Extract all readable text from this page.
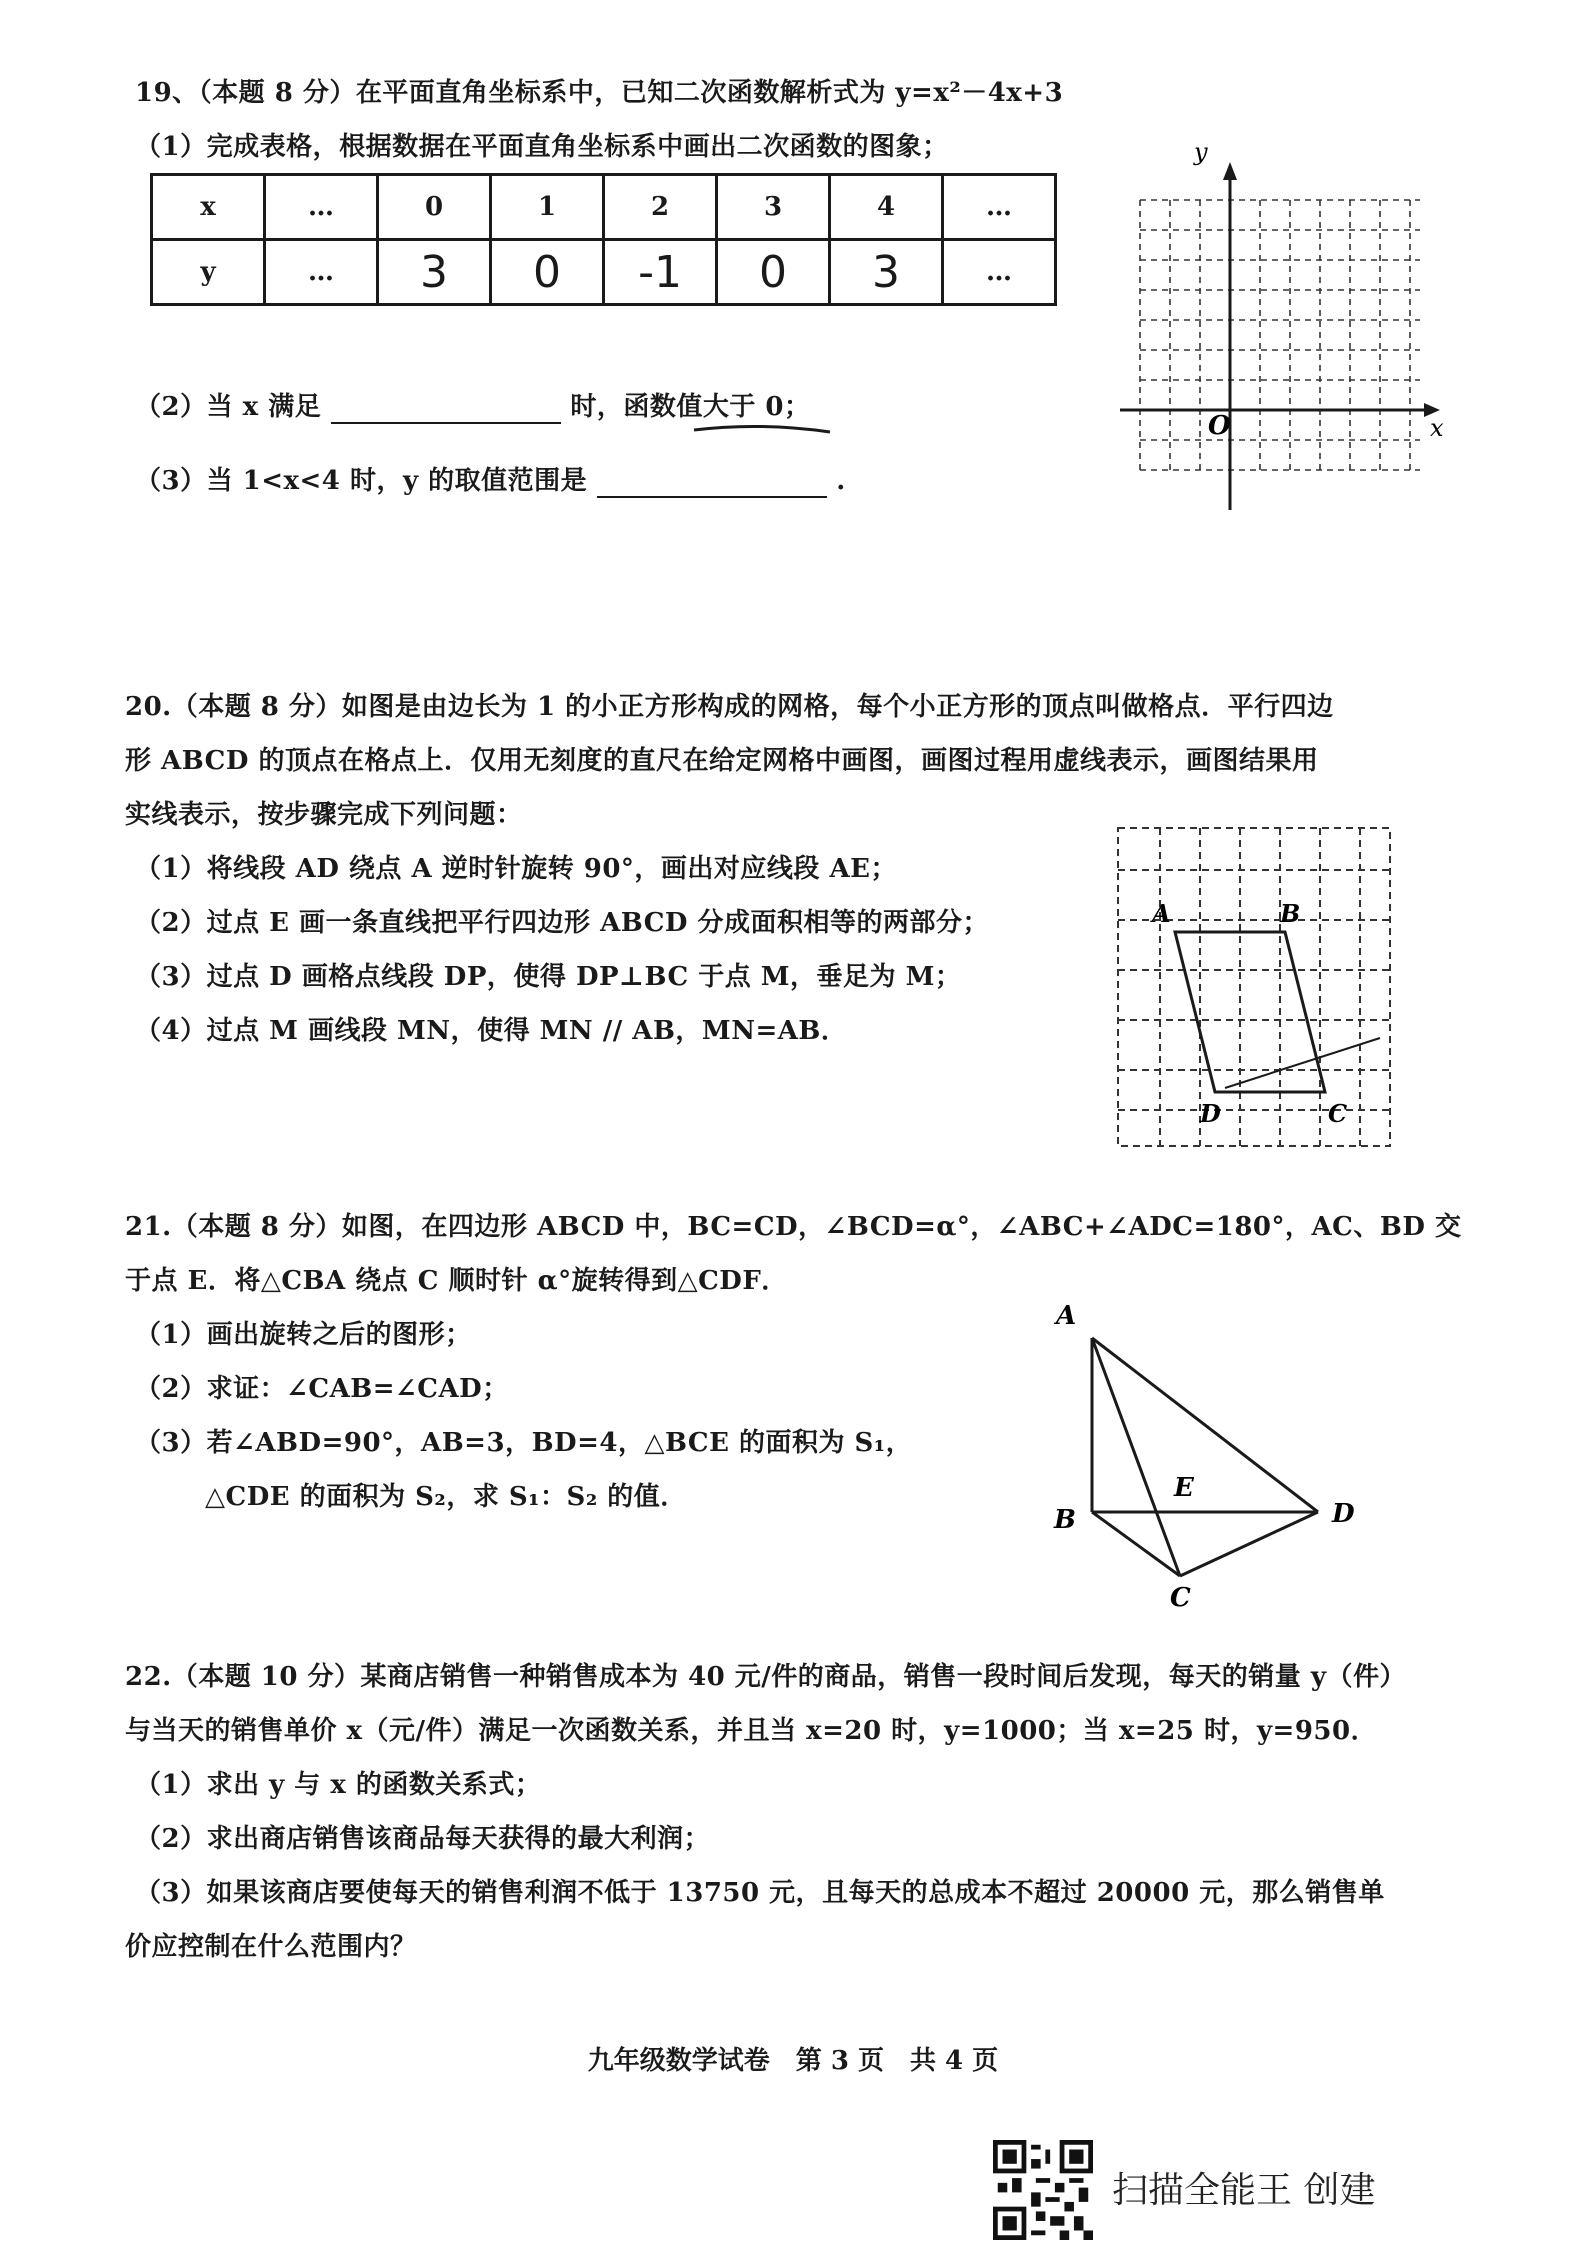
19、（本题 8 分）在平面直角坐标系中，已知二次函数解析式为 y=x²－4x+3
（1）完成表格，根据数据在平面直角坐标系中画出二次函数的图象；
x	…	0	1	2	3	4	…
y	…	3	0	-1	0	3	…
（2）当 x 满足	时，函数值大于 0；
（3）当 1<x<4 时，y 的取值范围是	.
y
x
O
20.（本题 8 分）如图是由边长为 1 的小正方形构成的网格，每个小正方形的顶点叫做格点．平行四边
形 ABCD 的顶点在格点上．仅用无刻度的直尺在给定网格中画图，画图过程用虚线表示，画图结果用
实线表示，按步骤完成下列问题：
（1）将线段 AD 绕点 A 逆时针旋转 90°，画出对应线段 AE；
（2）过点 E 画一条直线把平行四边形 ABCD 分成面积相等的两部分；
（3）过点 D 画格点线段 DP，使得 DP⊥BC 于点 M，垂足为 M；
（4）过点 M 画线段 MN，使得 MN // AB，MN=AB．
A	B
D	C
21.（本题 8 分）如图，在四边形 ABCD 中，BC=CD，∠BCD=α°，∠ABC+∠ADC=180°，AC、BD 交
于点 E．将△CBA 绕点 C 顺时针 α°旋转得到△CDF．
（1）画出旋转之后的图形；
（2）求证：∠CAB=∠CAD；
（3）若∠ABD=90°，AB=3，BD=4，△BCE 的面积为 S₁，
△CDE 的面积为 S₂，求 S₁：S₂ 的值．
A
B
C
D
E
22.（本题 10 分）某商店销售一种销售成本为 40 元/件的商品，销售一段时间后发现，每天的销量 y（件）
与当天的销售单价 x（元/件）满足一次函数关系，并且当 x=20 时，y=1000；当 x=25 时，y=950．
（1）求出 y 与 x 的函数关系式；
（2）求出商店销售该商品每天获得的最大利润；
（3）如果该商店要使每天的销售利润不低于 13750 元，且每天的总成本不超过 20000 元，那么销售单
价应控制在什么范围内？
九年级数学试卷　第 3 页　共 4 页
扫描全能王 创建
